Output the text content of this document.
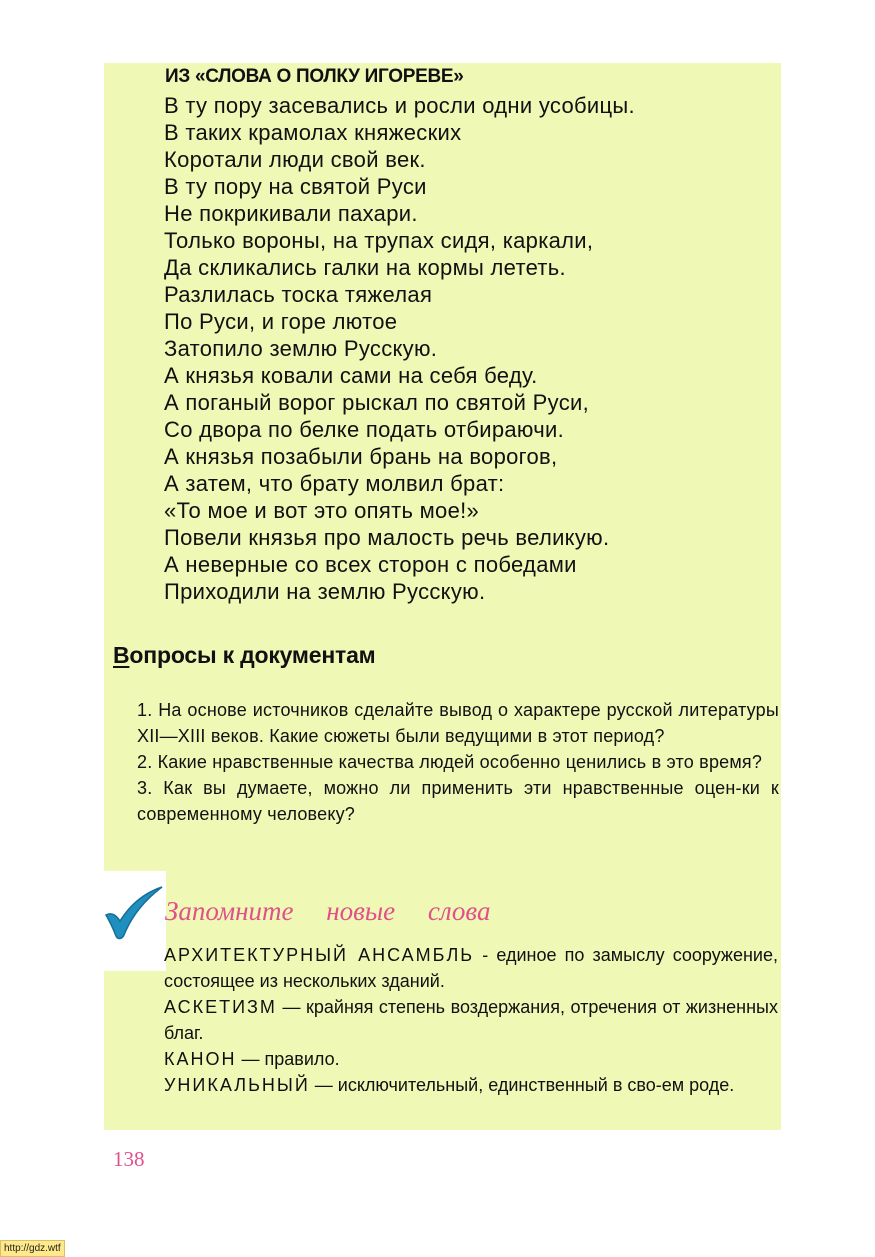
ИЗ «СЛОВА О ПОЛКУ ИГОРЕВЕ»
В ту пору засевались и росли одни усобицы.
В таких крамолах княжеских
Коротали люди свой век.
В ту пору на святой Руси
Не покрикивали пахари.
Только вороны, на трупах сидя, каркали,
Да скликались галки на кормы лететь.
Разлилась тоска тяжелая
По Руси, и горе лютое
Затопило землю Русскую.
А князья ковали сами на себя беду.
А поганый ворог рыскал по святой Руси,
Со двора по белке подать отбираючи.
А князья позабыли брань на ворогов,
А затем, что брату молвил брат:
«То мое и вот это опять мое!»
Повели князья про малость речь великую.
А неверные со всех сторон с победами
Приходили на землю Русскую.
Вопросы к документам
1. На основе источников сделайте вывод о характере русской литературы XII—XIII веков. Какие сюжеты были ведущими в этот период?
2. Какие нравственные качества людей особенно ценились в это время?
3. Как вы думаете, можно ли применить эти нравственные оцен-ки к современному человеку?
Запомните новые слова
АРХИТЕКТУРНЫЙ АНСАМБЛЬ - единое по замыслу сооружение, состоящее из нескольких зданий.
АСКЕТИЗМ — крайняя степень воздержания, отречения от жизненных благ.
КАНОН — правило.
УНИКАЛЬНЫЙ — исключительный, единственный в сво-ем роде.
138
http://gdz.wtf
